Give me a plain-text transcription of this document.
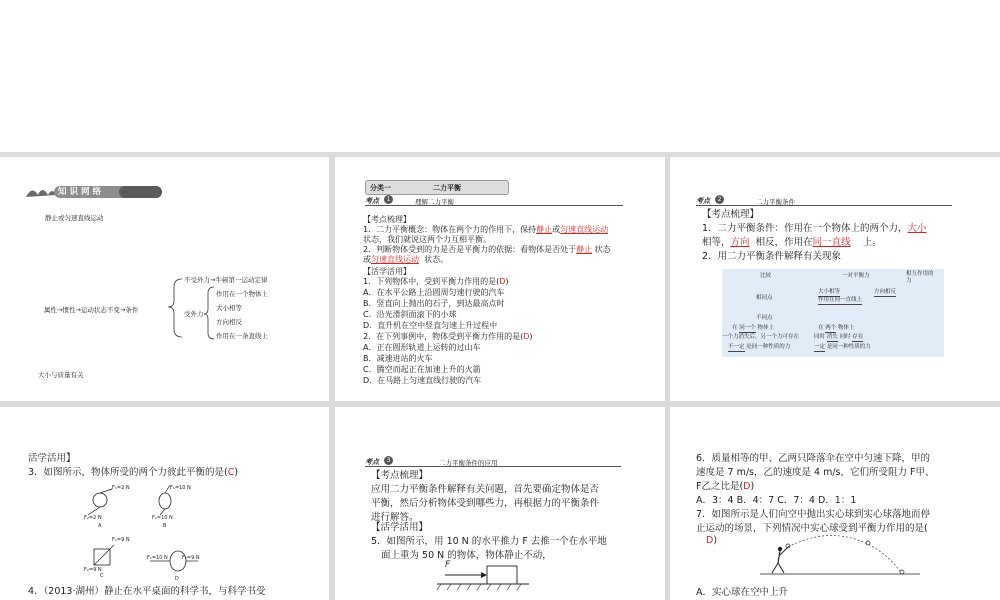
知识网络
静止或匀速直线运动
属性→惯性→运动状态不变→条件
不受外力→牛顿第一运动定律
受外力
作用在一个物体上
大小相等
方向相反
作用在一条直线上
大小与质量有关
分类一	二力平衡
考点	1	理解二力平衡
【考点梳理】
1．二力平衡概念：物体在两个力的作用下，保持静止或匀速直线运动
状态，我们就说这两个力互相平衡。
2．判断物体受到的力是否是平衡力的依据：看物体是否处于静止 状态
或匀速直线运动 状态。
【活学活用】
1．下列物体中，受到平衡力作用的是(D)
A．在水平公路上沿圆周匀速行驶的汽车
B．竖直向上抛出的石子，到达最高点时
C．沿光滑斜面滚下的小球
D．直升机在空中竖直匀速上升过程中
2．在下列事例中，物体受到平衡力作用的是(D)
A．正在圆形轨道上运转的过山车
B．减速进站的火车
C．腾空而起正在加速上升的火箭
D．在马路上匀速直线行驶的汽车
考点	2	二力平衡条件
【考点梳理】
1．二力平衡条件：作用在一个物体上的两个力，大小
相等，方向 相反，作用在同一直线 上。
2．用二力平衡条件解释有关现象
比较	一对平衡力	相互作用的力
相同点
大小相等	方向相反
作用在同一直线上
不同点
在 同一个 物体上	在 两个 物体上
一个力消失后，另一个力可存在	同时 消失 同时 存在
不一定 是同一种性质的力	一定 是同一种性质的力
活学活用】
3．如图所示，物体所受的两个力彼此平衡的是(C)
F₁=2 N
F₂=2 N
F₁=10 N
F₂=10 N
F₁=9 N
F₂=9 N
F₁=10 N	F₂=9 N
A	B
C	D
4．（2013·湖州）静止在水平桌面的科学书，与科学书受
考点	3	二力平衡条件的应用
【考点梳理】
应用二力平衡条件解释有关问题，首先要确定物体是否
平衡，然后分析物体受到哪些力，再根据力的平衡条件
进行解答。
【活学活用】
5．如图所示，用 10 N 的水平推力 F 去推一个在水平地
面上重为 50 N 的物体，物体静止不动，
F
6．质量相等的甲、乙两只降落伞在空中匀速下降，甲的
速度是 7 m/s，乙的速度是 4 m/s，它们所受阻力 F甲、
F乙之比是(D)
A．3：4 B．4：7 C．7：4 D．1：1
7．如图所示是人们向空中抛出实心球到实心球落地而停
止运动的场景，下列情况中实心球受到平衡力作用的是(
D)
A．实心球在空中上升
